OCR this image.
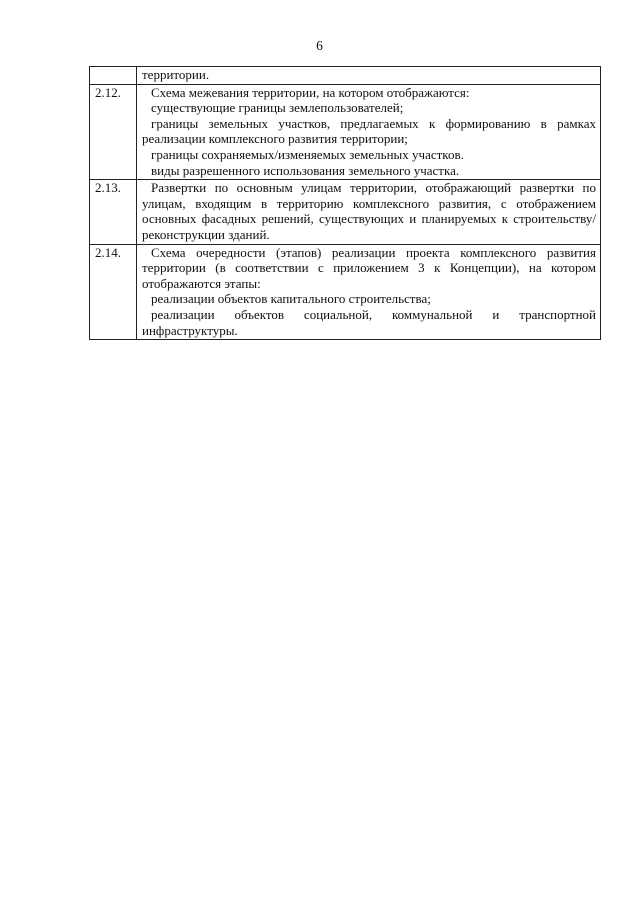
6

	территории.

2.12.	Схема межевания территории, на котором отображаются:
существующие границы землепользователей;
границы земельных участков, предлагаемых к формированию в рамках реализации комплексного развития территории;
границы сохраняемых/изменяемых земельных участков.
виды разрешенного использования земельного участка.

2.13.	Развертки по основным улицам территории, отображающий развертки по улицам, входящим в территорию комплексного развития, с отображением основных фасадных решений, существующих и планируемых к строительству/реконструкции зданий.

2.14.	Схема очередности (этапов) реализации проекта комплексного развития территории (в соответствии с приложением 3 к Концепции), на котором отображаются этапы:
реализации объектов капитального строительства;
реализации объектов социальной, коммунальной и транспортной инфраструктуры.
